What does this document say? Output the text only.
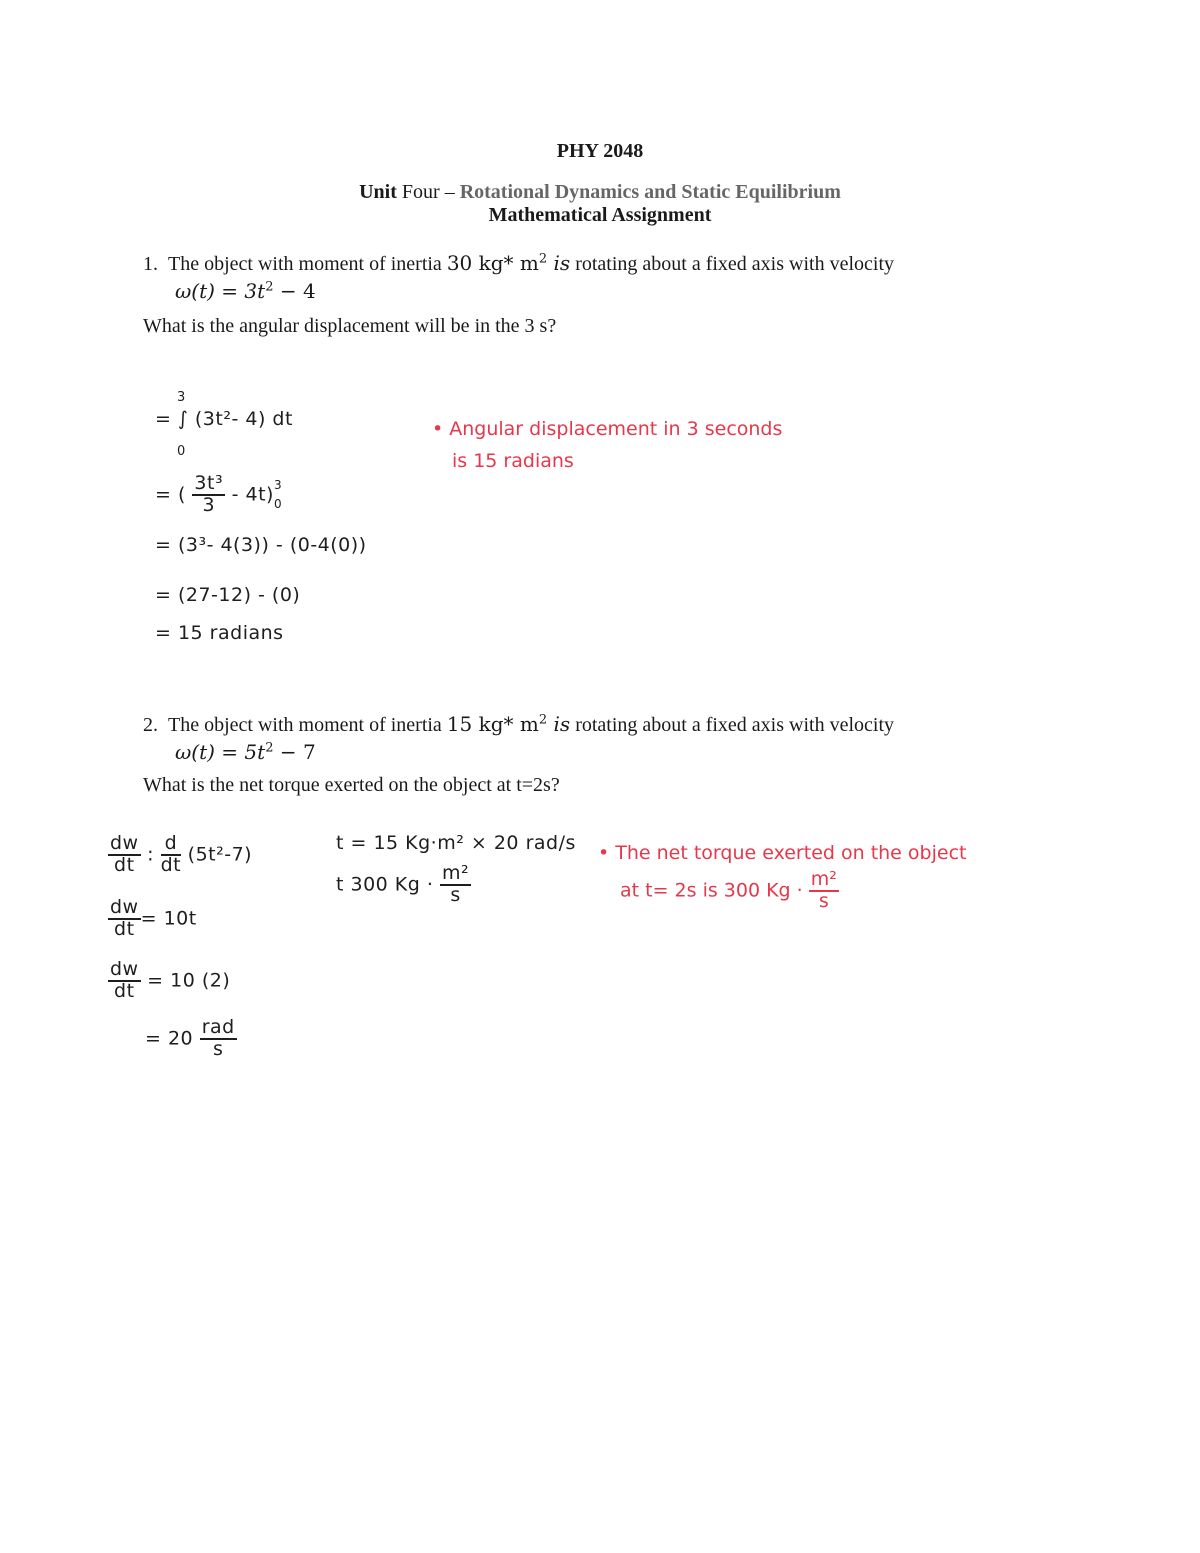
PHY 2048
Unit Four – Rotational Dynamics and Static Equilibrium
Mathematical Assignment
1. The object with moment of inertia 30 kg* $m^2$ is rotating about a fixed axis with velocity
$\omega(t) = 3t^2 - 4$
What is the angular displacement will be in the 3 s?
3
= ∫ (3t²- 4) dt
0
= ( $\frac{\text{3t³}}{3} - 4t$) 3
0
= (3³- 4(3)) - (0-4(0))
= (27-12) - (0)
= 15 radians
• Angular displacement in 3 seconds
is 15 radians
2. The object with moment of inertia 15 kg* $m^2$ is rotating about a fixed axis with velocity
$\omega(t) = 5t^2 - 7$
What is the net torque exerted on the object at t=2s?
$\frac{dw}{dt}$ : $\frac{d}{dt} (5t^2-7)$
$\frac{dw}{dt} = 10t$
$\frac{dw}{dt} = 10$ (2)
= $20 \frac{\text{rad}}{s}$
t = 15 Kg·m² × 20 rad/s
t 300 $Kg \cdot \frac{\text{m²}}{s}$
• The net torque exerted on the object
at t= 2s is 300 $Kg \cdot \frac{\text{m²}}{s}$
